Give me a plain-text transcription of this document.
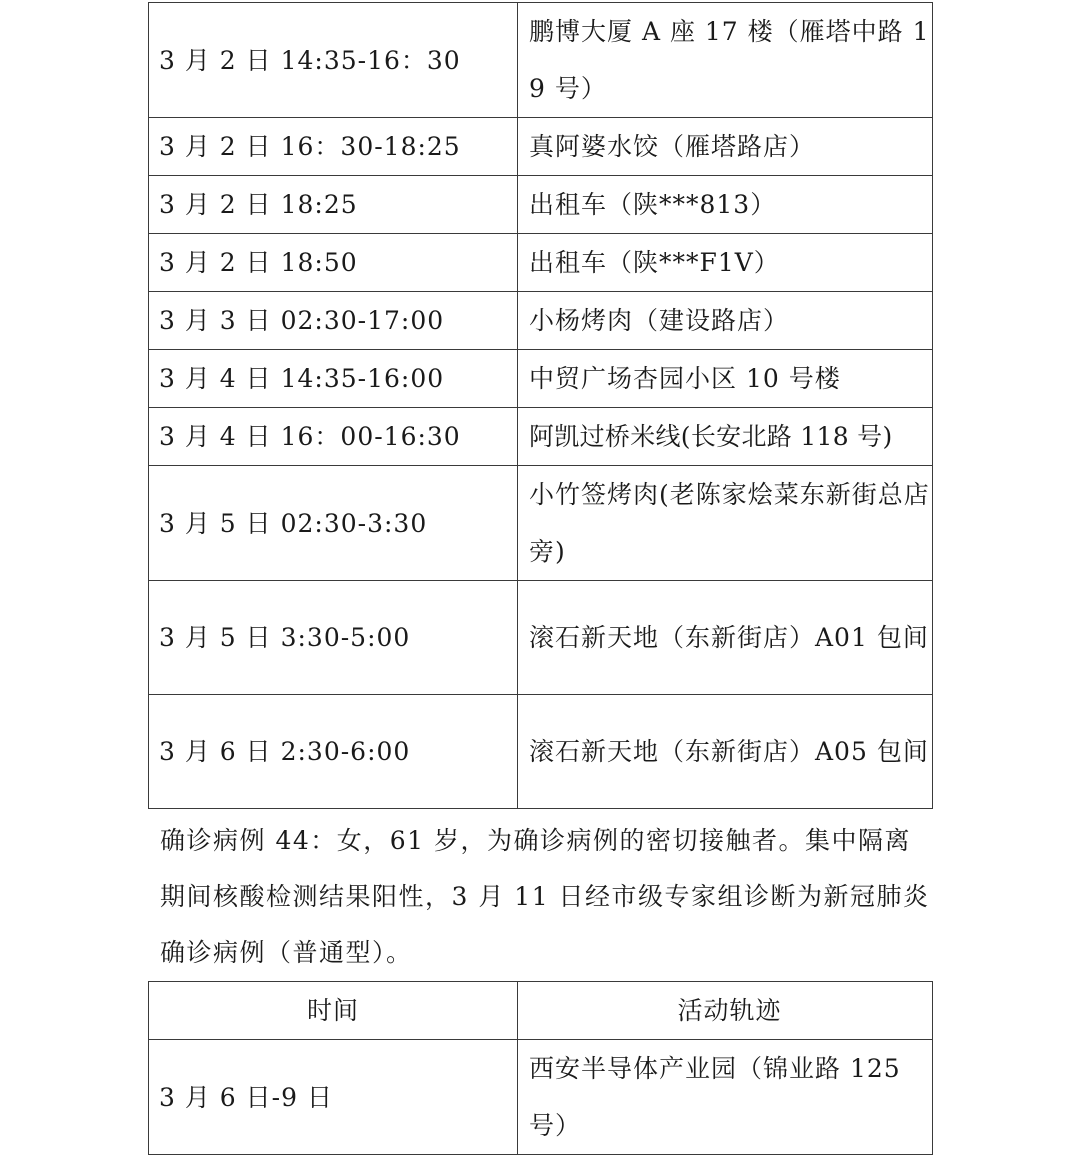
3 月 2 日 14:35-16：30	鹏博大厦 A 座 17 楼（雁塔中路 19 号）
3 月 2 日 16：30-18:25	真阿婆水饺（雁塔路店）
3 月 2 日 18:25	出租车（陕***813）
3 月 2 日 18:50	出租车（陕***F1V）
3 月 3 日 02:30-17:00	小杨烤肉（建设路店）
3 月 4 日 14:35-16:00	中贸广场杏园小区 10 号楼
3 月 4 日 16：00-16:30	阿凯过桥米线(长安北路 118 号)
3 月 5 日 02:30-3:30	小竹签烤肉(老陈家烩菜东新街总店旁)
3 月 5 日 3:30-5:00	滚石新天地（东新街店）A01 包间
3 月 6 日 2:30-6:00	滚石新天地（东新街店）A05 包间

确诊病例 44：女，61 岁，为确诊病例的密切接触者。集中隔离期间核酸检测结果阳性，3 月 11 日经市级专家组诊断为新冠肺炎确诊病例（普通型）。

时间	活动轨迹
3 月 6 日-9 日	西安半导体产业园（锦业路 125 号）
